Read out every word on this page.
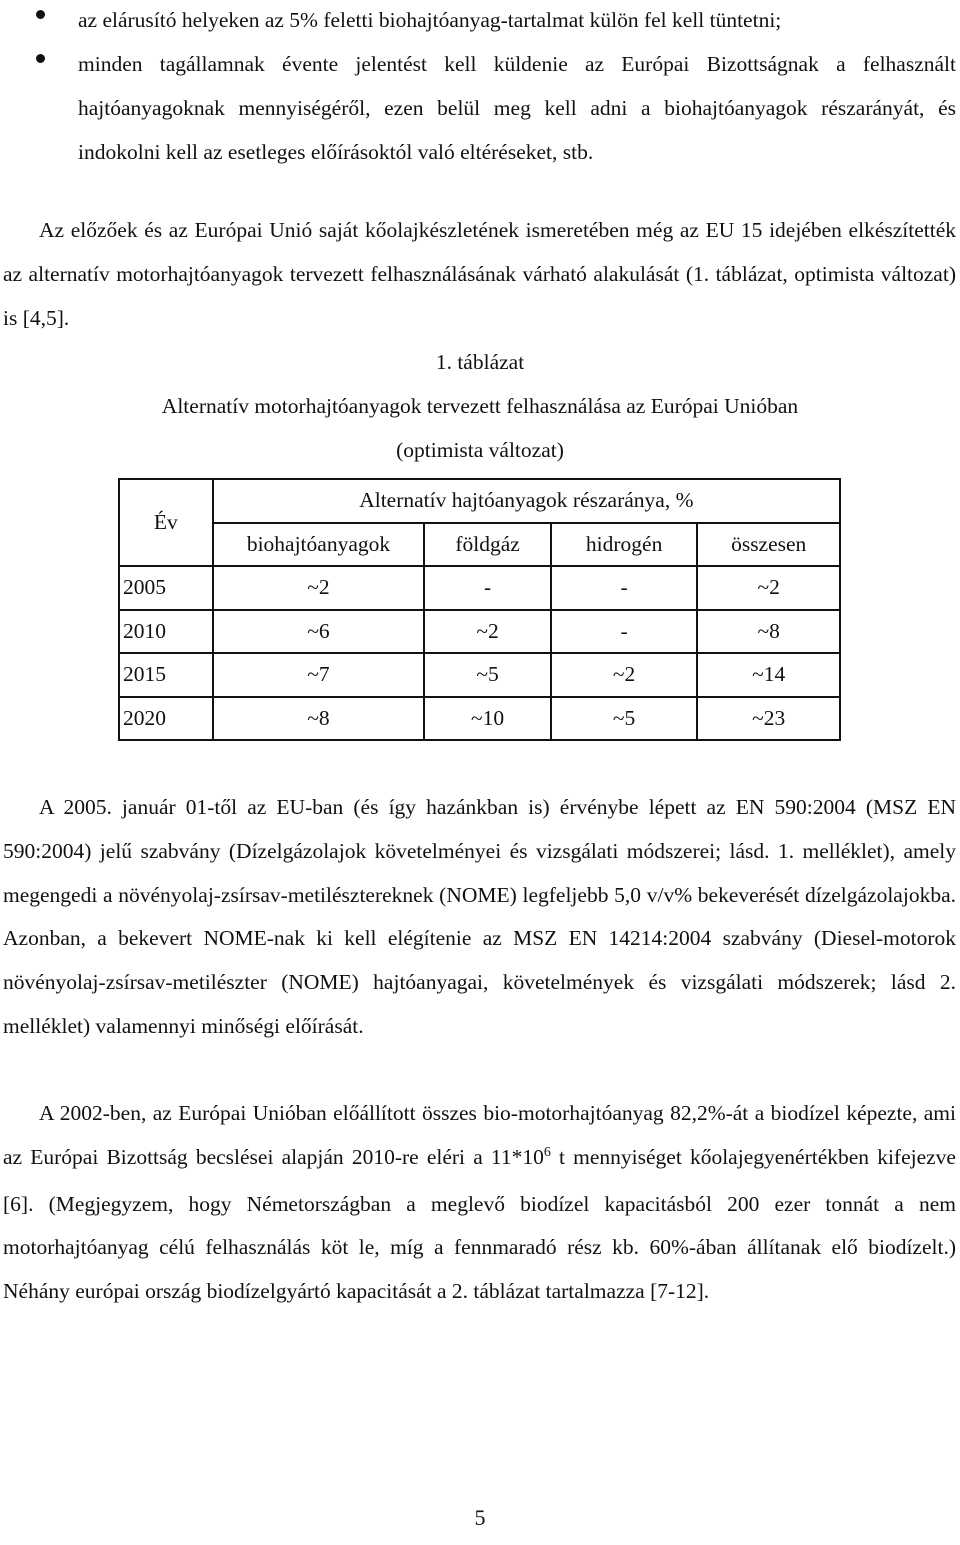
az elárusító helyeken az 5% feletti biohajtóanyag-tartalmat külön fel kell tüntetni;
minden tagállamnak évente jelentést kell küldenie az Európai Bizottságnak a felhasznált hajtóanyagoknak mennyiségéről, ezen belül meg kell adni a biohajtóanyagok részarányát, és indokolni kell az esetleges előírásoktól való eltéréseket, stb.

Az előzőek és az Európai Unió saját kőolajkészletének ismeretében még az EU 15 idejében elkészítették az alternatív motorhajtóanyagok tervezett felhasználásának várható alakulását (1. táblázat, optimista változat) is [4,5].

1. táblázat
Alternatív motorhajtóanyagok tervezett felhasználása az Európai Unióban
(optimista változat)
Év	Alternatív hajtóanyagok részaránya, %			
	biohajtóanyagok	földgáz	hidrogén	összesen
2005	~2	-	-	~2
2010	~6	~2	-	~8
2015	~7	~5	~2	~14
2020	~8	~10	~5	~23

A 2005. január 01-től az EU-ban (és így hazánkban is) érvénybe lépett az EN 590:2004 (MSZ EN 590:2004) jelű szabvány (Dízelgázolajok követelményei és vizsgálati módszerei; lásd. 1. melléklet), amely megengedi a növényolaj-zsírsav-metilésztereknek (NOME) legfeljebb 5,0 v/v% bekeverését dízelgázolajokba. Azonban, a bekevert NOME-nak ki kell elégítenie az MSZ EN 14214:2004 szabvány (Diesel-motorok növényolaj-zsírsav-metilészter (NOME) hajtóanyagai, követelmények és vizsgálati módszerek; lásd 2. melléklet) valamennyi minőségi előírását.

A 2002-ben, az Európai Unióban előállított összes bio-motorhajtóanyag 82,2%-át a biodízel képezte, ami az Európai Bizottság becslései alapján 2010-re eléri a $11*10^6$ t mennyiséget kőolajegyenértékben kifejezve [6]. (Megjegyzem, hogy Németországban a meglevő biodízel kapacitásból 200 ezer tonnát a nem motorhajtóanyag célú felhasználás köt le, míg a fennmaradó rész kb. 60%-ában állítanak elő biodízelt.) Néhány európai ország biodízelgyártó kapacitását a 2. táblázat tartalmazza [7-12].

5
